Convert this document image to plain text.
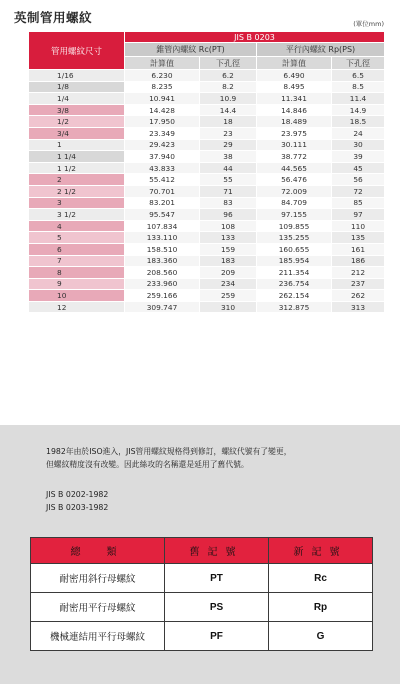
英制管用螺紋	(單位mm)
管用螺紋尺寸	JIS B 0203			
	錐管內螺紋 Rc(PT)		平行內螺紋 Rp(PS)	
	計算值	下孔徑	計算值	下孔徑
1/16	6.230	6.2	6.490	6.5
1/8	8.235	8.2	8.495	8.5
1/4	10.941	10.9	11.341	11.4
3/8	14.428	14.4	14.846	14.9
1/2	17.950	18	18.489	18.5
3/4	23.349	23	23.975	24
1	29.423	29	30.111	30
1 1/4	37.940	38	38.772	39
1 1/2	43.833	44	44.565	45
2	55.412	55	56.476	56
2 1/2	70.701	71	72.009	72
3	83.201	83	84.709	85
3 1/2	95.547	96	97.155	97
4	107.834	108	109.855	110
5	133.110	133	135.255	135
6	158.510	159	160.655	161
7	183.360	183	185.954	186
8	208.560	209	211.354	212
9	233.960	234	236.754	237
10	259.166	259	262.154	262
12	309.747	310	312.875	313
1982年由於ISO進入，JIS管用螺紋規格得到修訂，螺紋代號有了變更，
但螺紋精度沒有改變。因此絲攻的名稱還是延用了舊代號。
JIS B 0202-1982
JIS B 0203-1982
總　類	舊記號	新記號
耐密用斜行母螺紋	PT	Rc
耐密用平行母螺紋	PS	Rp
機械連結用平行母螺紋	PF	G
